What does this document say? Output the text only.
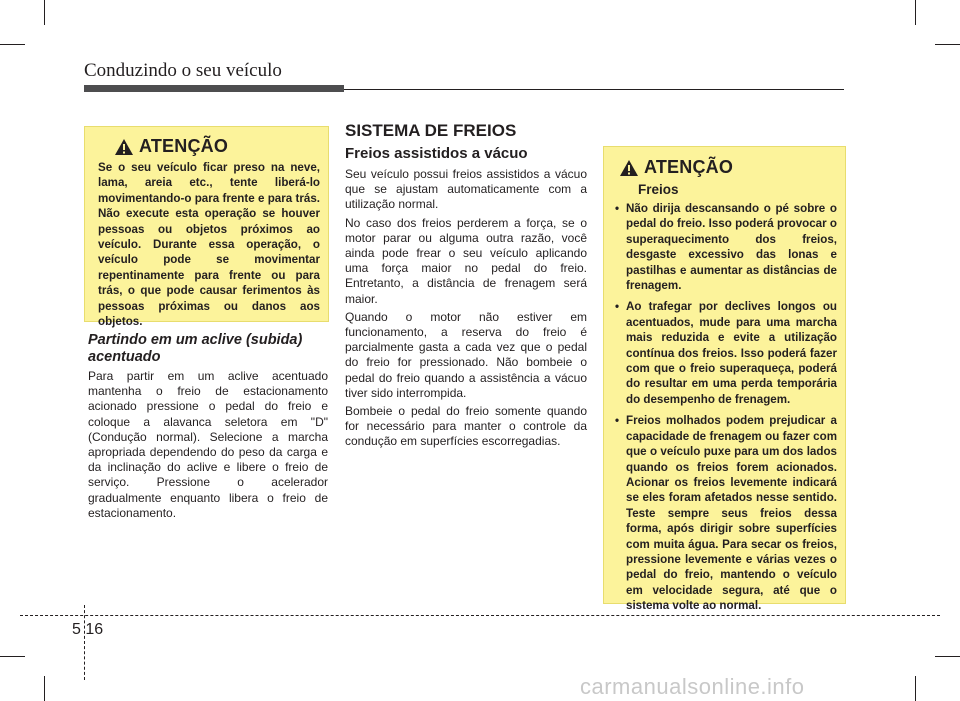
Conduzindo o seu veículo
ATENÇÃO

Se o seu veículo ficar preso na neve, lama, areia etc., tente liberá-lo movimentando-o para frente e para trás. Não execute esta operação se houver pessoas ou objetos próximos ao veículo. Durante essa operação, o veículo pode se movimentar repentinamente para frente ou para trás, o que pode causar ferimentos às pessoas próximas ou danos aos objetos.

Partindo em um aclive (subida) acentuado

Para partir em um aclive acentuado mantenha o freio de estacionamento acionado pressione o pedal do freio e coloque a alavanca seletora em "D" (Condução normal). Selecione a marcha apropriada dependendo do peso da carga e da inclinação do aclive e libere o freio de serviço. Pressione o acelerador gradualmente enquanto libera o freio de estacionamento.

SISTEMA DE FREIOS
Freios assistidos a vácuo

Seu veículo possui freios assistidos a vácuo que se ajustam automaticamente com a utilização normal.

No caso dos freios perderem a força, se o motor parar ou alguma outra razão, você ainda pode frear o seu veículo aplicando uma força maior no pedal do freio. Entretanto, a distância de frenagem será maior.

Quando o motor não estiver em funcionamento, a reserva do freio é parcialmente gasta a cada vez que o pedal do freio for pressionado. Não bombeie o pedal do freio quando a assistência a vácuo tiver sido interrompida.

Bombeie o pedal do freio somente quando for necessário para manter o controle da condução em superfícies escorregadias.

ATENÇÃO
Freios
• Não dirija descansando o pé sobre o pedal do freio. Isso poderá provocar o superaquecimento dos freios, desgaste excessivo das lonas e pastilhas e aumentar as distâncias de frenagem.
• Ao trafegar por declives longos ou acentuados, mude para uma marcha mais reduzida e evite a utilização contínua dos freios. Isso poderá fazer com que o freio superaqueça, poderá do resultar em uma perda temporária do desempenho de frenagem.
• Freios molhados podem prejudicar a capacidade de frenagem ou fazer com que o veículo puxe para um dos lados quando os freios forem acionados. Acionar os freios levemente indicará se eles foram afetados nesse sentido. Teste sempre seus freios dessa forma, após dirigir sobre superfícies com muita água. Para secar os freios, pressione levemente e várias vezes o pedal do freio, mantendo o veículo em velocidade segura, até que o sistema volte ao normal.
5 16
carmanualsonline.info
